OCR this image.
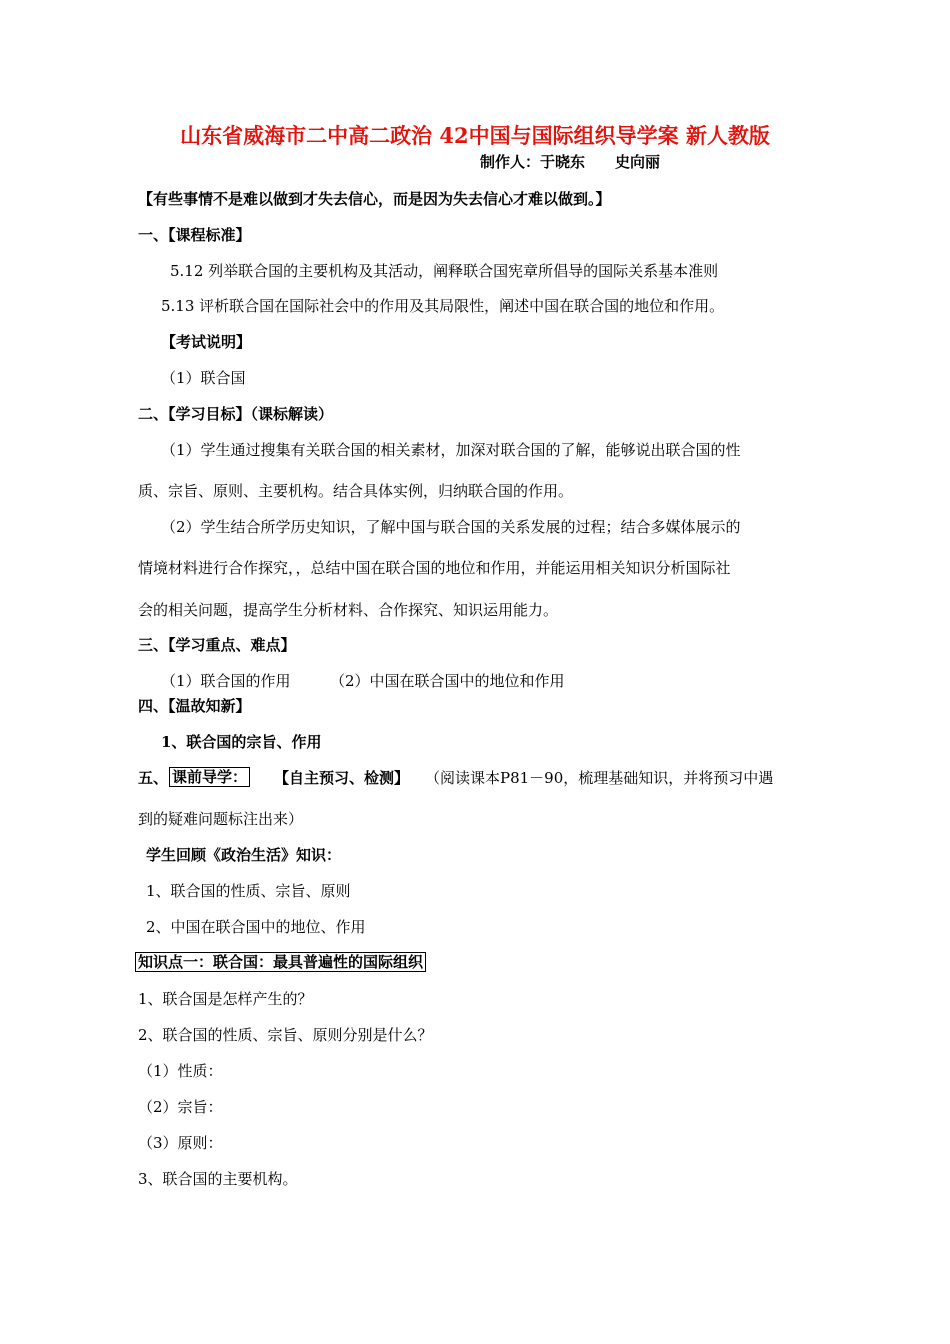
山东省威海市二中高二政治 42中国与国际组织导学案 新人教版
制作人：于晓东　　史向丽
【有些事情不是难以做到才失去信心，而是因为失去信心才难以做到。】
一、【课程标准】
5.12 列举联合国的主要机构及其活动，阐释联合国宪章所倡导的国际关系基本准则
5.13 评析联合国在国际社会中的作用及其局限性，阐述中国在联合国的地位和作用。
【考试说明】
（1）联合国
二、【学习目标】（课标解读）
（1）学生通过搜集有关联合国的相关素材，加深对联合国的了解，能够说出联合国的性
质、宗旨、原则、主要机构。结合具体实例，归纳联合国的作用。
（2）学生结合所学历史知识，了解中国与联合国的关系发展的过程；结合多媒体展示的
情境材料进行合作探究，，总结中国在联合国的地位和作用，并能运用相关知识分析国际社
会的相关问题，提高学生分析材料、合作探究、知识运用能力。
三、【学习重点、难点】
（1）联合国的作用	（2）中国在联合国中的地位和作用
四、【温故知新】
1、联合国的宗旨、作用
五、 课前导学： 【自主预习、检测】 （阅读课本P81－90，梳理基础知识，并将预习中遇
到的疑难问题标注出来）
学生回顾《政治生活》知识：
1、联合国的性质、宗旨、原则
2、中国在联合国中的地位、作用
知识点一：联合国：最具普遍性的国际组织
1、联合国是怎样产生的？
2、联合国的性质、宗旨、原则分别是什么？
（1）性质：
（2）宗旨：
（3）原则：
3、联合国的主要机构。
